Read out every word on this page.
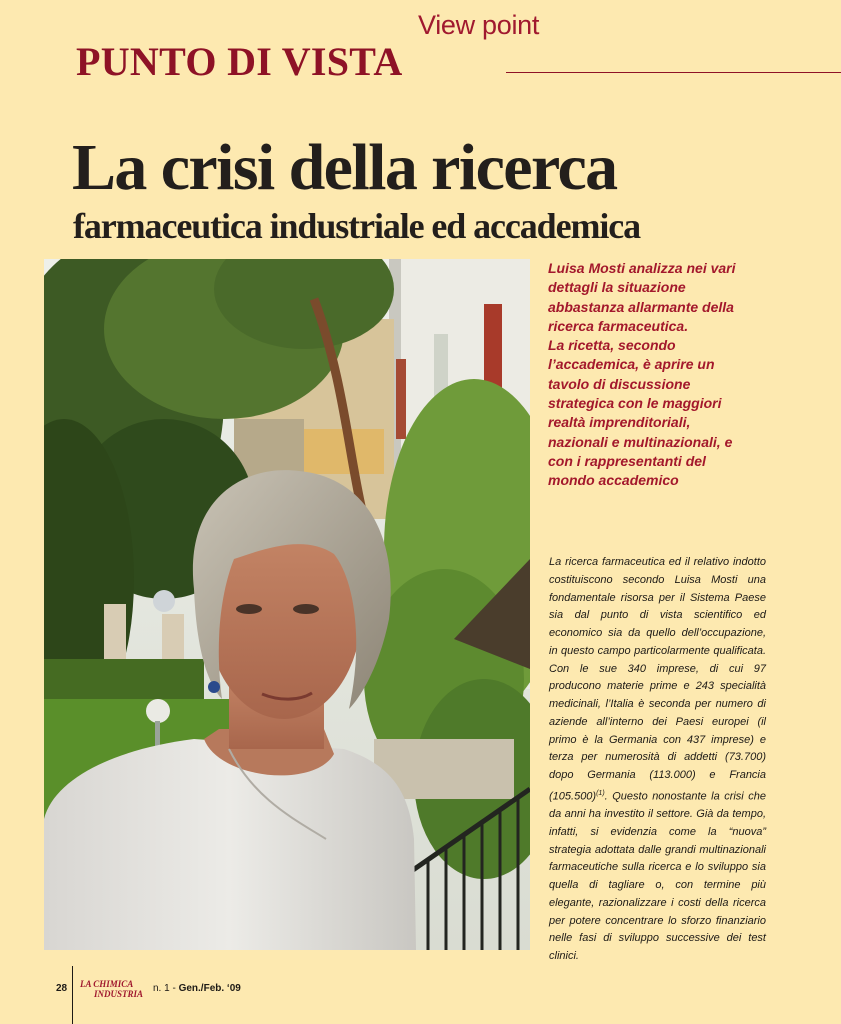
View point
PUNTO DI VISTA
La crisi della ricerca
farmaceutica industriale ed accademica

Luisa Mosti analizza nei vari dettagli la situazione abbastanza allarmante della ricerca farmaceutica.

La ricetta, secondo l’accademica, è aprire un tavolo di discussione strategica con le maggiori realtà imprenditoriali, nazionali e multinazionali, e con i rappresentanti del mondo accademico

La ricerca farmaceutica ed il relativo indotto costituiscono secondo Luisa Mosti una fondamentale risorsa per il Sistema Paese sia dal punto di vista scientifico ed economico sia da quello dell’occupazione, in questo campo particolarmente qualificata. Con le sue 340 imprese, di cui 97 producono materie prime e 243 specialità medicinali, l’Italia è seconda per numero di aziende all’interno dei Paesi europei (il primo è la Germania con 437 imprese) e terza per numerosità di addetti (73.700) dopo Germania (113.000) e Francia $(105.500)^{(1)}$. Questo nonostante la crisi che da anni ha investito il settore. Già da tempo, infatti, si evidenzia come la “nuova” strategia adottata dalle grandi multinazionali farmaceutiche sulla ricerca e lo sviluppo sia quella di tagliare o, con termine più elegante, razionalizzare i costi della ricerca per potere concentrare lo sforzo finanziario nelle fasi di sviluppo successive dei test clinici.
28 LA CHIMICA
INDUSTRIA n. 1 - Gen./Feb. ‘09
